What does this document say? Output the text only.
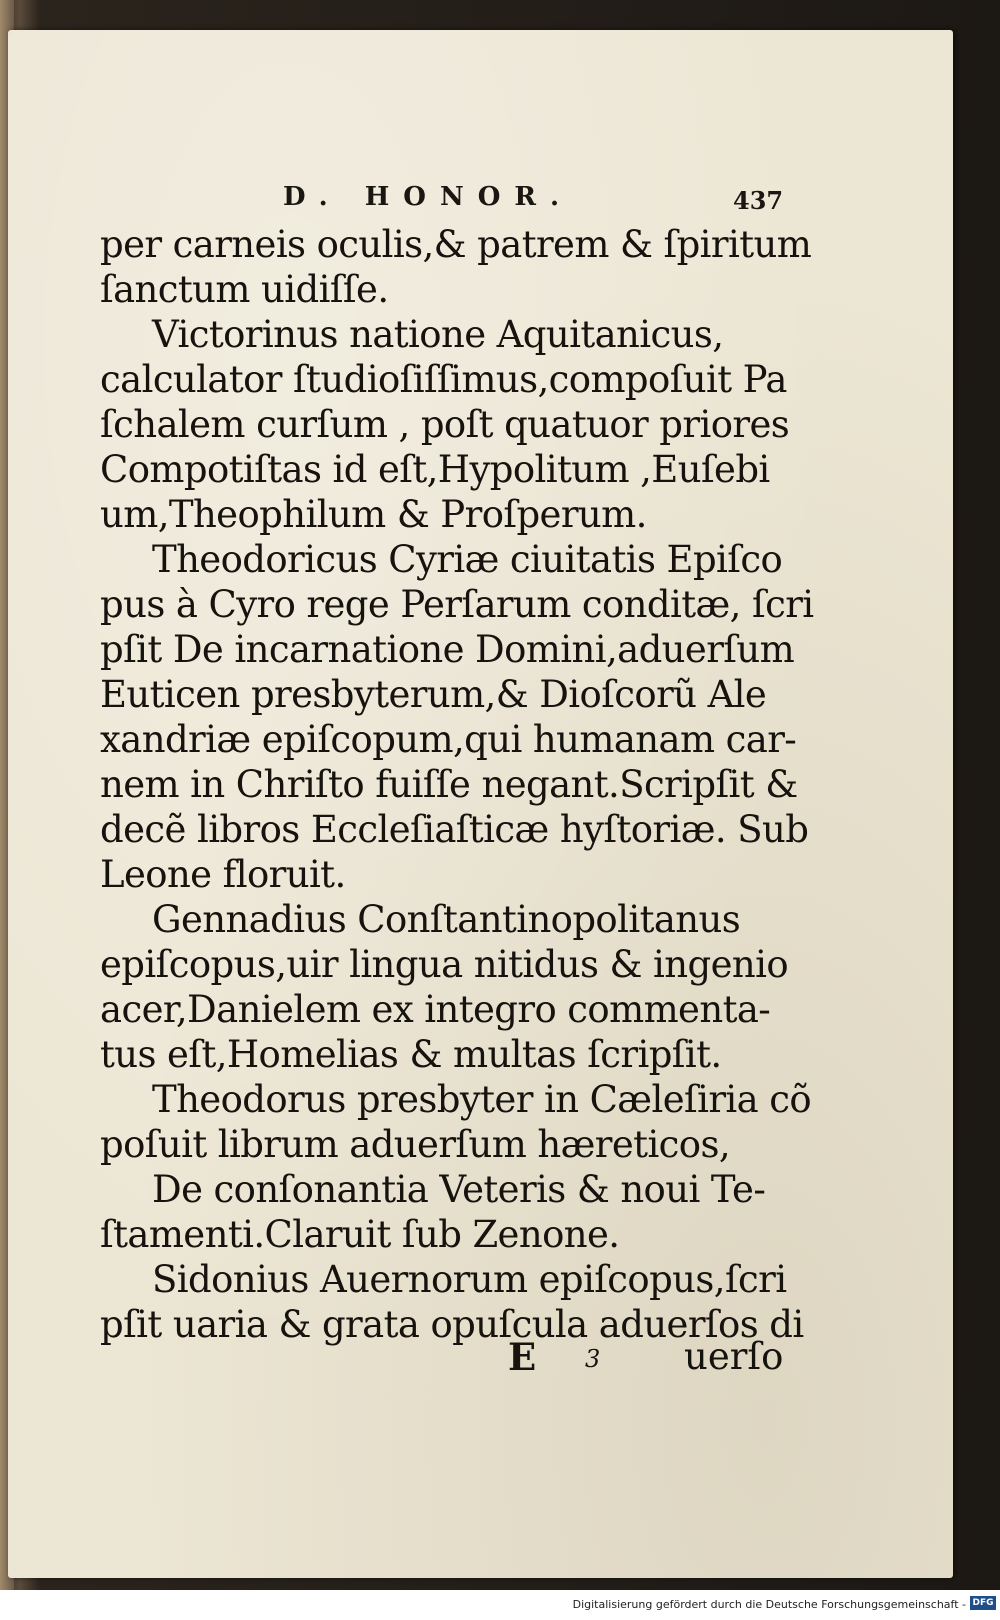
D. HONOR.	437
per carneis oculis,& patrem & ſpiritum
ſanctum uidiſſe.
Victorinus natione Aquitanicus,
calculator ſtudioſiſſimus,compoſuit Pa
ſchalem curſum , poſt quatuor priores
Compotiſtas id eſt,Hypolitum ,Euſebi
um,Theophilum & Proſperum.
Theodoricus Cyriæ ciuitatis Epiſco
pus à Cyro rege Perſarum conditæ, ſcri
pſit De incarnatione Domini,aduerſum
Euticen presbyterum,& Dioſcorũ Ale
xandriæ epiſcopum,qui humanam car-
nem in Chriſto fuiſſe negant.Scripſit &
decẽ libros Eccleſiaſticæ hyſtoriæ. Sub
Leone floruit.
Gennadius Conſtantinopolitanus
epiſcopus,uir lingua nitidus & ingenio
acer,Danielem ex integro commenta-
tus eſt,Homelias & multas ſcripſit.
Theodorus presbyter in Cæleſiria cõ
poſuit librum aduerſum hæreticos,
De conſonantia Veteris & noui Te-
ſtamenti.Claruit ſub Zenone.
Sidonius Auernorum epiſcopus,ſcri
pſit uaria & grata opuſcula aduerſos di
E 3 uerſo
Digitalisierung gefördert durch die Deutsche Forschungsgemeinschaft - DFG
